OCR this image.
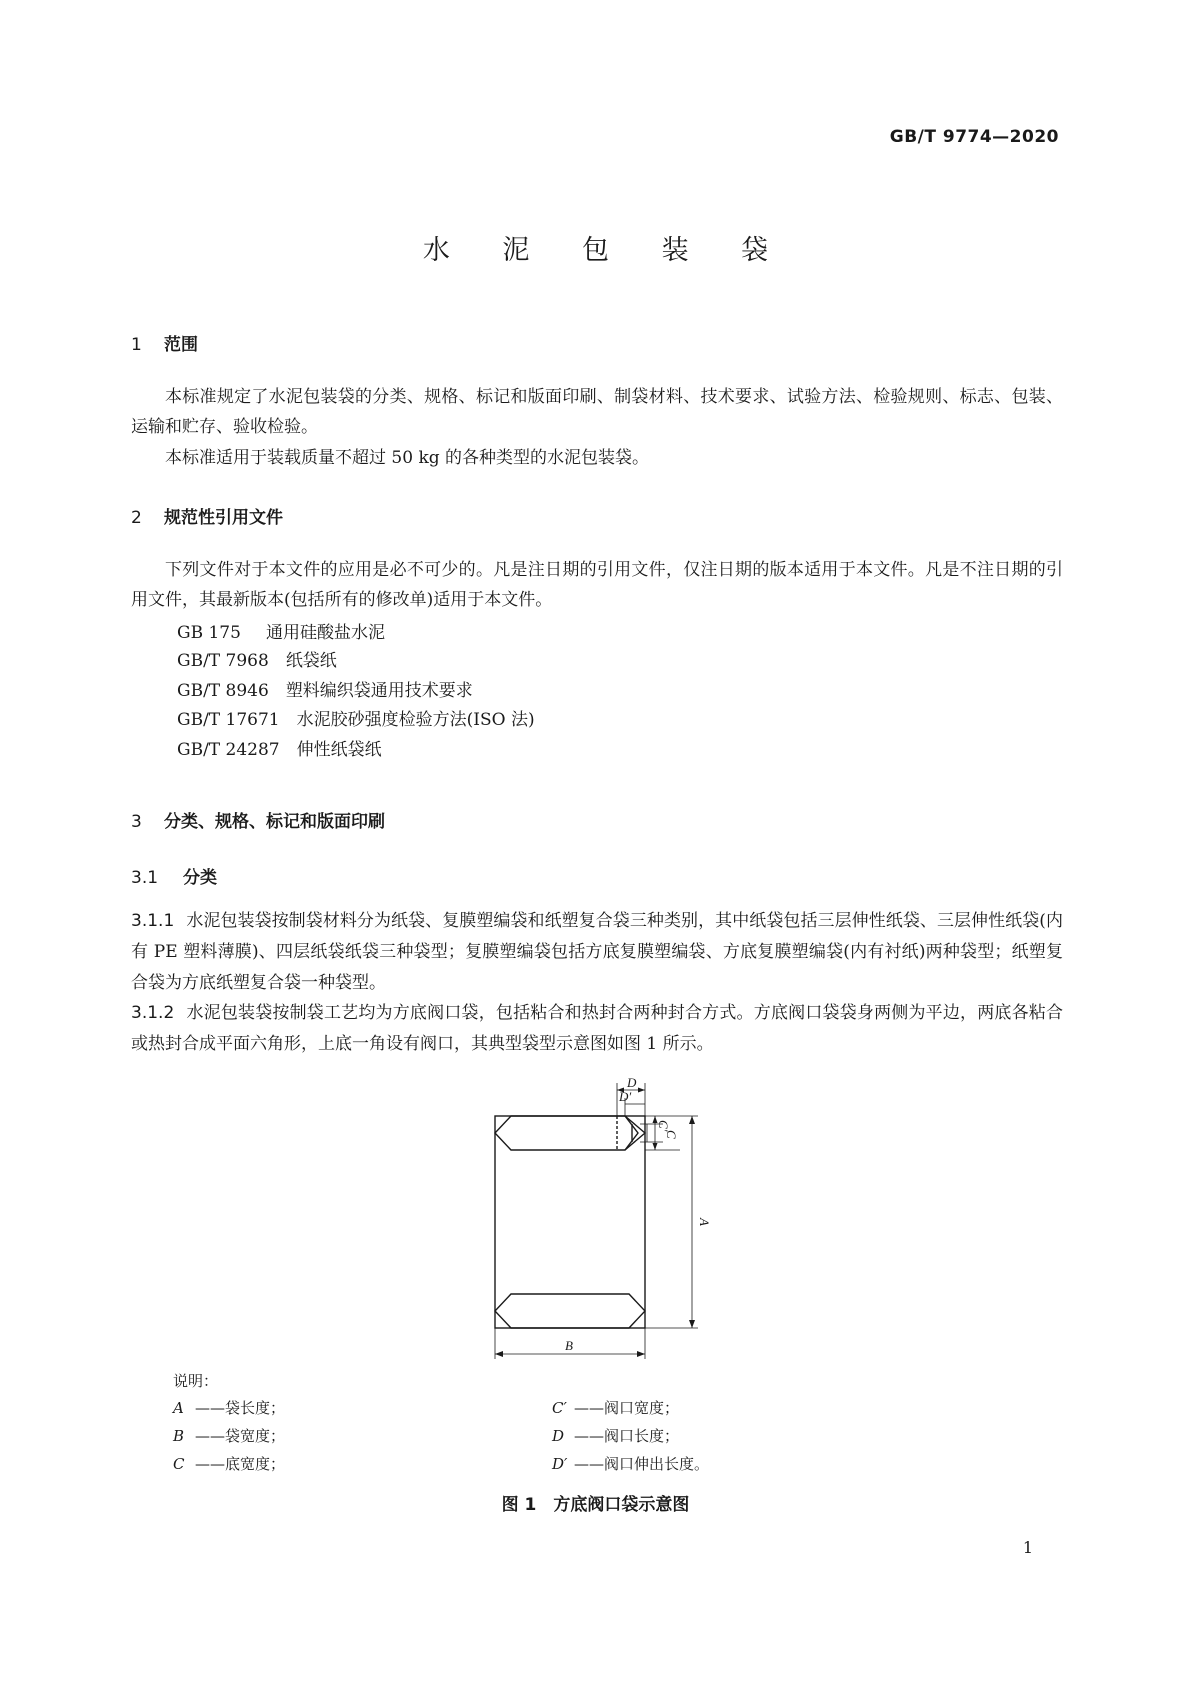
GB/T 9774—2020
水 泥 包 装 袋
1 范围
本标准规定了水泥包装袋的分类、规格、标记和版面印刷、制袋材料、技术要求、试验方法、检验规则、标志、包装、运输和贮存、验收检验。
本标准适用于装载质量不超过 50 kg 的各种类型的水泥包装袋。
2 规范性引用文件
下列文件对于本文件的应用是必不可少的。凡是注日期的引用文件，仅注日期的版本适用于本文件。凡是不注日期的引用文件，其最新版本(包括所有的修改单)适用于本文件。
GB 175　 通用硅酸盐水泥
GB/T 7968　 纸袋纸
GB/T 8946　 塑料编织袋通用技术要求
GB/T 17671　 水泥胶砂强度检验方法(ISO 法)
GB/T 24287　 伸性纸袋纸
3 分类、规格、标记和版面印刷
3.1 分类
3.1.1 水泥包装袋按制袋材料分为纸袋、复膜塑编袋和纸塑复合袋三种类别，其中纸袋包括三层伸性纸袋、三层伸性纸袋(内有 PE 塑料薄膜)、四层纸袋纸袋三种袋型；复膜塑编袋包括方底复膜塑编袋、方底复膜塑编袋(内有衬纸)两种袋型；纸塑复合袋为方底纸塑复合袋一种袋型。
3.1.2 水泥包装袋按制袋工艺均为方底阀口袋，包括粘合和热封合两种封合方式。方底阀口袋袋身两侧为平边，两底各粘合或热封合成平面六角形，上底一角设有阀口，其典型袋型示意图如图 1 所示。
D
D′
C′
C
A
B
说明：
A ——袋长度；
B ——袋宽度；
C ——底宽度；
C′ ——阀口宽度；
D ——阀口长度；
D′ ——阀口伸出长度。
图 1　方底阀口袋示意图
1
